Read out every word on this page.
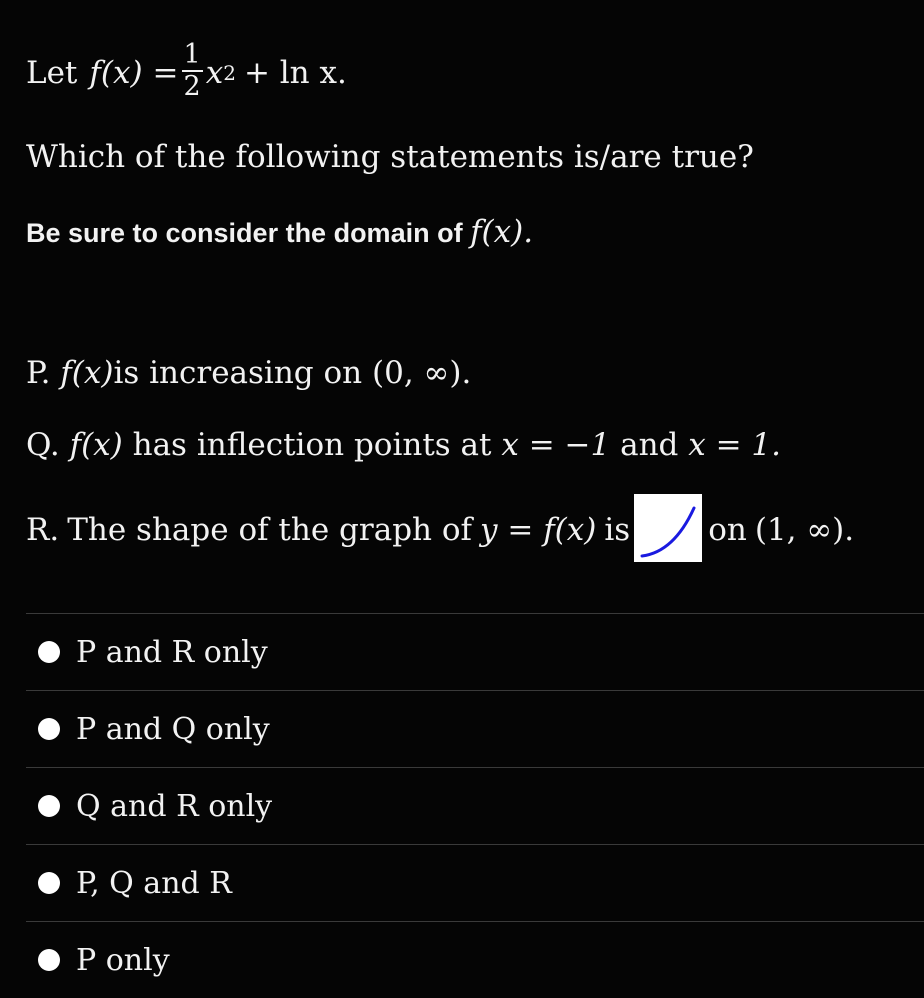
Let $f(x) = \frac{1}{2}$ x 2 + ln x.
Which of the following statements is/are true?
Be sure to consider the domain of f(x).
P. f(x)is increasing on (0, ∞).
Q. f(x) has inflection points at x = −1 and x = 1.
R. The shape of the graph of y = f(x) is	on (1, ∞).
P and R only
P and Q only
Q and R only
P, Q and R
P only
